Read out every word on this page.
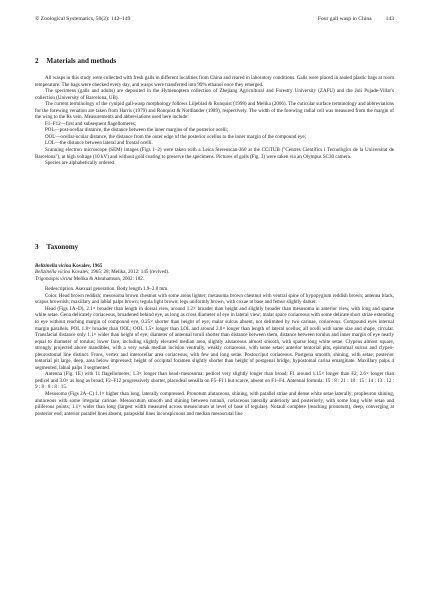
© Zoological Systematics, 50(2): 142–149	Four gall wasp in China	143
2 Materials and methods

All wasps in this study were collected with fresh galls in different localities from China and reared in laboratory conditions. Galls were placed in sealed plastic bags at room temperature. The bags were checked every day, and wasps were transferred into 99% ethanol once they emerged.

The specimens (galls and adults) are deposited in the Hymenoptera collection of Zhejiang Agricultural and Forestry University (ZAFU) and the Juli Pujade-Villar's collection (University of Barcelona, UB).

The current terminology of the cynipid gall-wasp morphology follows Liljeblad & Ronquist (1998) and Melika (2006). The cuticular surface terminology and abbreviations for the forewing venation are taken from Harris (1979) and Ronquist & Nordlander (1989), respectively. The width of the forewing radial cell was measured from the margin of the wing to the Rs vein. Measurements and abbreviations used here include:

F1–F12—first and subsequent flagellomeres;

POL—post-ocellar distance, the distance between the inner margins of the posterior ocelli;

OOL—ocellar-ocular distance, the distance from the outer edge of the posterior ocellus to the inner margin of the compound eye;

LOL—the distance between lateral and frontal ocelli.

Scanning electron microscope (SEM) images (Figs 1–2) were taken with a Leica Stereoscan-360 at the CCiTUB ("Centres Científics i Tecnològics de la Universitat de Barcelona"), at high voltage (10 kV) and without gold coating to preserve the specimens. Pictures of galls (Fig. 3) were taken via an Olympus SC30 camera.

Species are alphabetically ordered.

3 Taxonomy

Belizinella vicina Kovalev, 1965

Belizinella vicina Kovalev, 1965: 28; Melika, 2012: 145 (revived).

Trigonaspis vicina Melika & Abrahamson, 2002: 182.

Redescription. Asexual generation. Body length 1.9–2.8 mm.

Color. Head brown reddish; mesosoma brown chestnut with some areas lighter; metasoma brown chestnut with ventral spine of hypopygium reddish brown; antenna black, scapus brownish; maxillary and labial palps brown; tegula light brown; legs uniformly brown, with coxae at base and femur slightly darker.

Head (Figs 1A–D), 2.1× broader than length in dorsal view, around 1.2× broader than height and slightly broader than mesosoma in anterior view, with long and sparse white setae. Gena delicately coriaceous, broadened behind eye, as long as cross diameter of eye in lateral view; malar space coriaceous with some delicate short striae extending to eye without reaching margin of compound eye, 0.25× shorter than height of eye; malar sulcus absent, not delimited by two carinae, coriaceous. Compound eyes internal margin parallels. POL 1.8× broader than OOL; OOL 1.5× longer than LOL and around 2.0× longer than length of lateral ocellus; all ocelli with same size and shape, circular. Transfacial distance only 1.1× wider than height of eye; diameter of antennal toruli shorter than distance between them, distance between torulus and inner margin of eye nearly equal to diameter of torulus; lower face, including slightly elevated median area, slightly alutaceous almost smooth, with sparse long white setae. Clypeus almost square, strongly projected above mandibles, with a very weak median incision ventrally, weakly coriaceous, with some setae; anterior tentorial pits, epistomal sulcus and clypeo-pleurostomal line distinct. Frons, vertex and interocellar area coriaceous, with few and long setae. Postocciput coriaceous. Postgena smooth, shining, with setae; posterior tentorial pit large, deep, area below impressed; height of occipital foramen slightly shorter than height of postgenal bridge; hypostomal carina emarginate. Maxillary palps 4 segmented, labial palps 3 segmented.

Antenna (Fig. 1E) with 11 flagellomeres; 1.3× longer than head+mesosoma; pedicel very slightly longer than broad; F1 around 1.15× longer than F2, 2.6× longer than pedicel and 3.0× as long as broad; F2–F12 progressively shorter, placodeal sensilla on F5–F11 but scarce, absent on F1–F4. Antennal formula: 15 : 8 : 21 : 18 : 15 : 14 : 13 : 12 : 9 : 8 : 8 : 8 : 15.

Mesosoma (Figs 2A–C) 1.1× higher than long, laterally compressed. Pronotum alutaceous, shining, with parallel striae and dense white setae laterally; propleuron shining, alutaceous with some irregular carinae. Mesoscutum smooth and shining between notauli, coriaceous laterally anteriorly and posteriorly, with some long white setae and piliferous points; 1.1× wider than long (largest width measured across mesoscutum at level of base of tegulae). Notauli complete (reaching pronotum), deep, converging at posterior end; anterior parallel lines absent, parapsidal lines inconspicuous and median mesoscutal line
